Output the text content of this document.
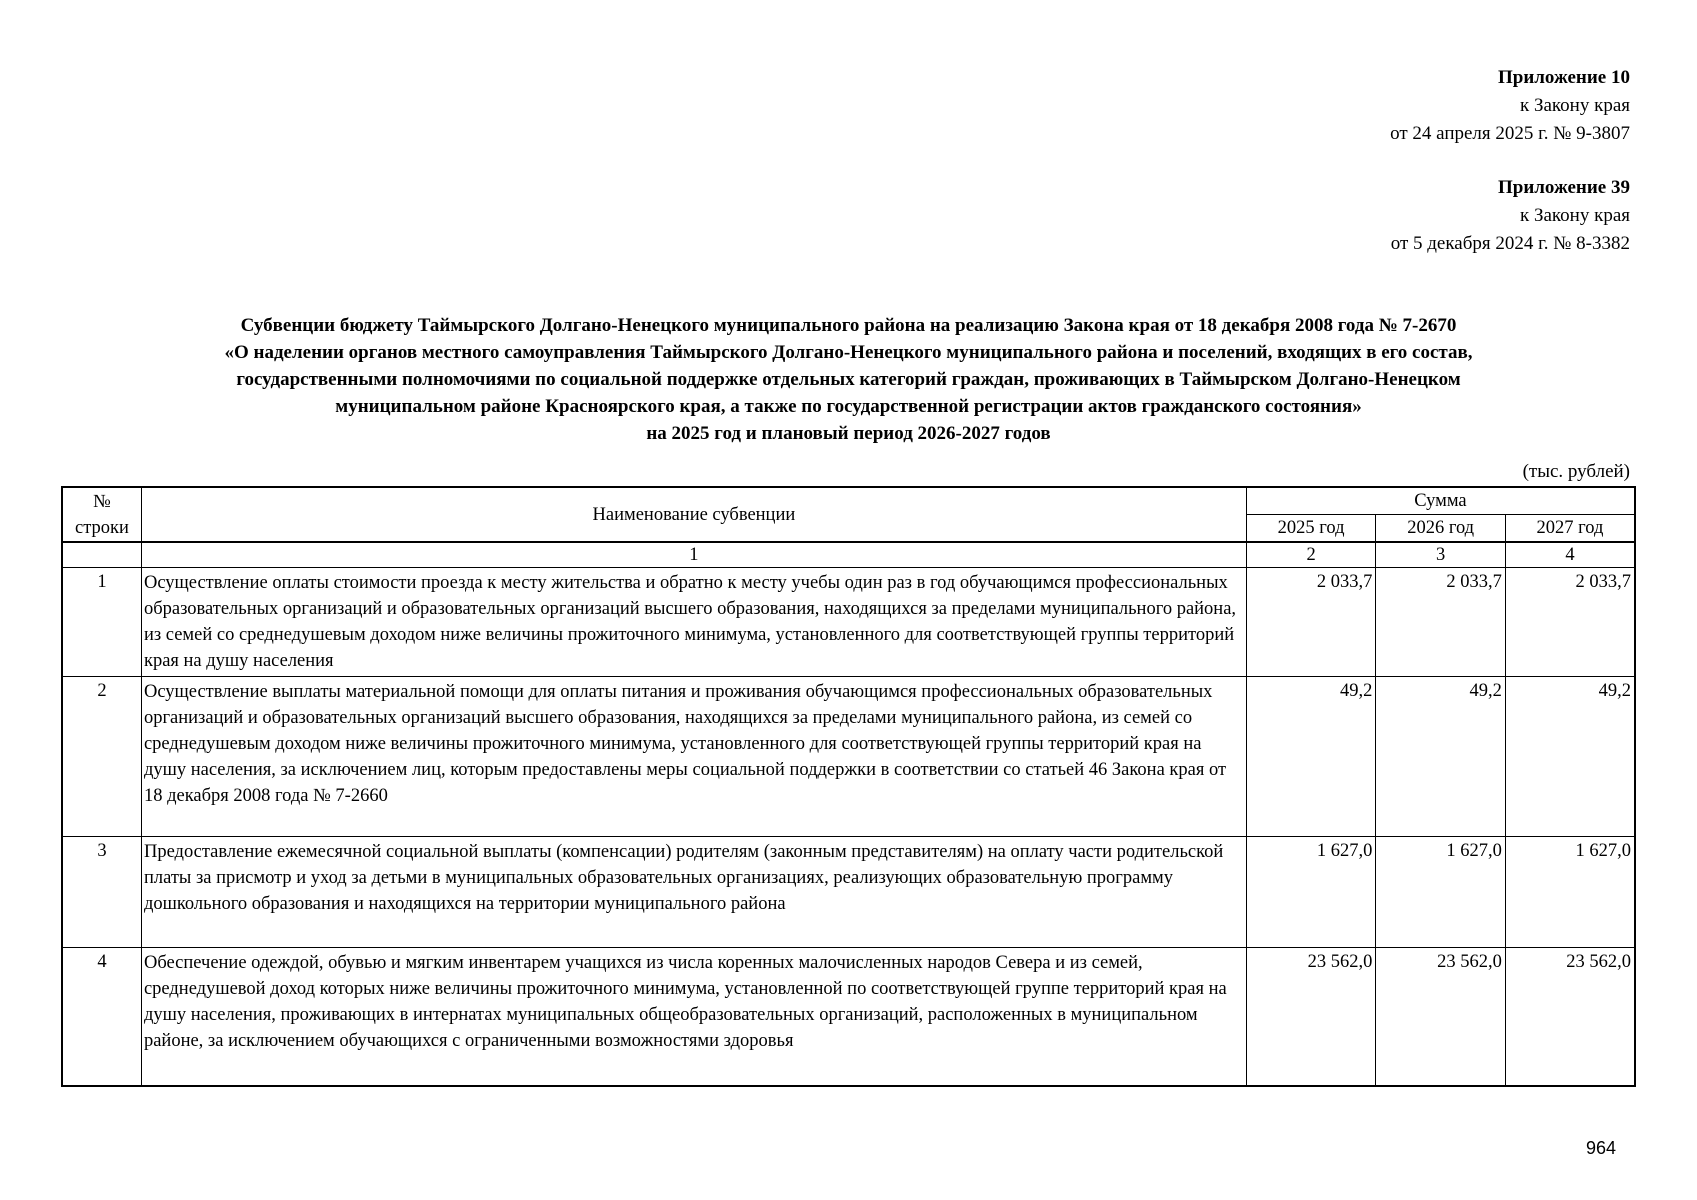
Приложение 10
к Закону края
от 24 апреля 2025 г. № 9-3807
Приложение 39
к Закону края
от 5 декабря 2024 г. № 8-3382
Субвенции бюджету Таймырского Долгано-Ненецкого муниципального района на реализацию Закона края от 18 декабря 2008 года № 7-2670
«О наделении органов местного самоуправления Таймырского Долгано-Ненецкого муниципального района и поселений, входящих в его состав,
государственными полномочиями по социальной поддержке отдельных категорий граждан, проживающих в Таймырском Долгано-Ненецком
муниципальном районе Красноярского края, а также по государственной регистрации актов гражданского состояния»
на 2025 год и плановый период 2026-2027 годов
(тыс. рублей)
№
строки	Наименование субвенции	Сумма		
		2025 год	2026 год	2027 год
	1	2	3	4
1	Осуществление оплаты стоимости проезда к месту жительства и обратно к месту учебы один раз в год обучающимся профессиональных образовательных организаций и образовательных организаций высшего образования, находящихся за пределами муниципального района, из семей со среднедушевым доходом ниже величины прожиточного минимума, установленного для соответствующей группы территорий края на душу населения	2 033,7	2 033,7	2 033,7
2	Осуществление выплаты материальной помощи для оплаты питания и проживания обучающимся профессиональных образовательных организаций и образовательных организаций высшего образования, находящихся за пределами муниципального района, из семей со среднедушевым доходом ниже величины прожиточного минимума, установленного для соответствующей группы территорий края на душу населения, за исключением лиц, которым предоставлены меры социальной поддержки в соответствии со статьей 46 Закона края от 18 декабря 2008 года № 7-2660	49,2	49,2	49,2
3	Предоставление ежемесячной социальной выплаты (компенсации) родителям (законным представителям) на оплату части родительской платы за присмотр и уход за детьми в муниципальных образовательных организациях, реализующих образовательную программу дошкольного образования и находящихся на территории муниципального района	1 627,0	1 627,0	1 627,0
4	Обеспечение одеждой, обувью и мягким инвентарем учащихся из числа коренных малочисленных народов Севера и из семей, среднедушевой доход которых ниже величины прожиточного минимума, установленной по соответствующей группе территорий края на душу населения, проживающих в интернатах муниципальных общеобразовательных организаций, расположенных в муниципальном районе, за исключением обучающихся с ограниченными возможностями здоровья	23 562,0	23 562,0	23 562,0
964
